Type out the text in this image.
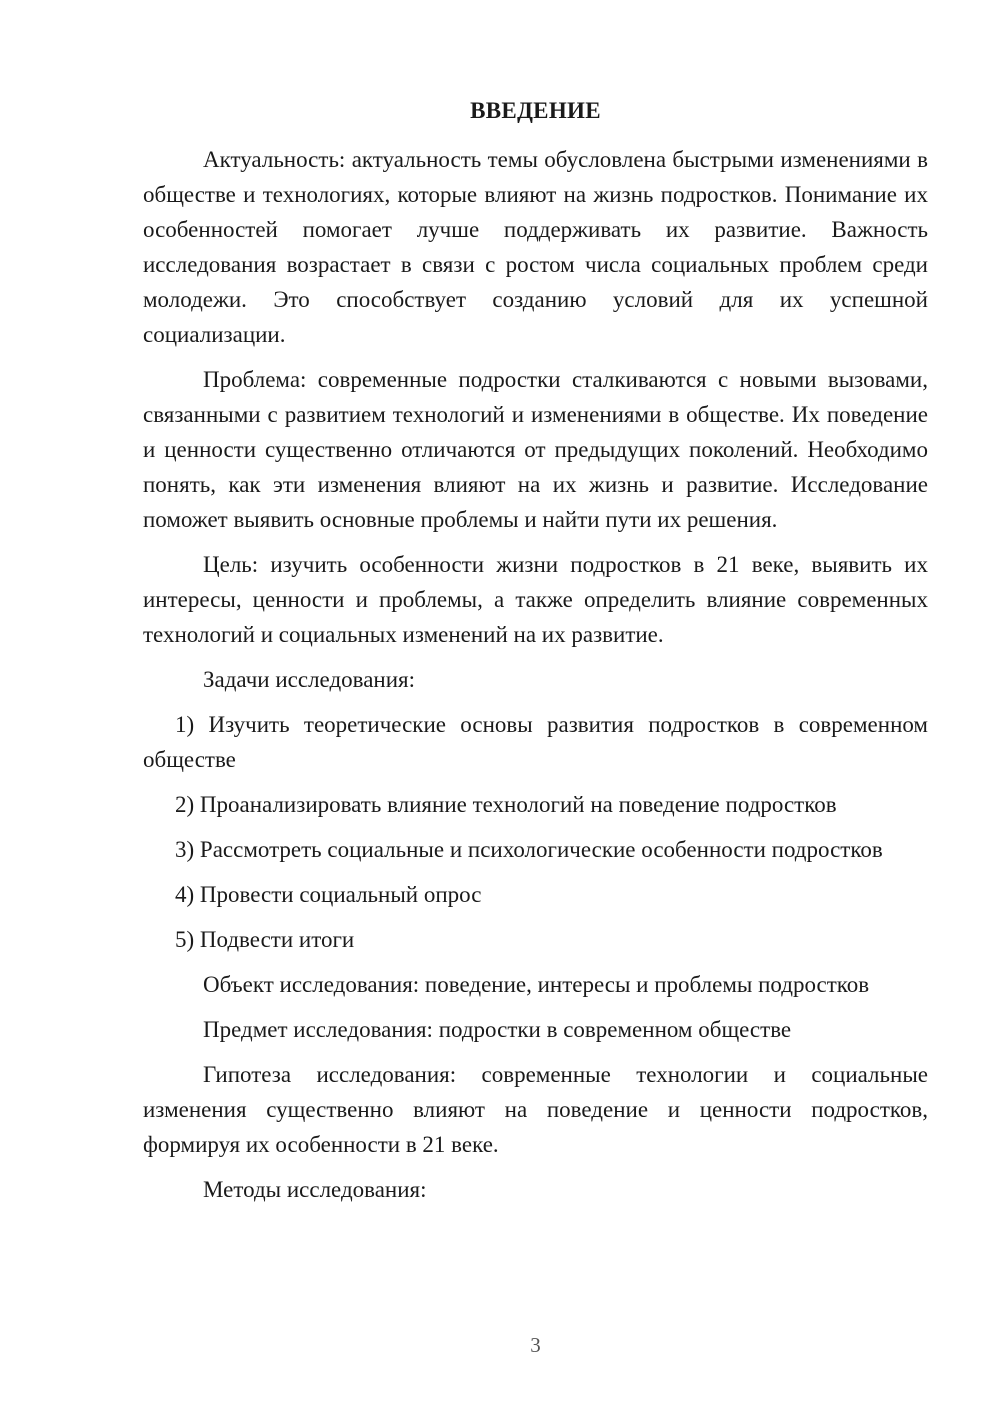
ВВЕДЕНИЕ

Актуальность: актуальность темы обусловлена быстрыми изменениями в обществе и технологиях, которые влияют на жизнь подростков. Понимание их особенностей помогает лучше поддерживать их развитие. Важность исследования возрастает в связи с ростом числа социальных проблем среди молодежи. Это способствует созданию условий для их успешной социализации.

Проблема: современные подростки сталкиваются с новыми вызовами, связанными с развитием технологий и изменениями в обществе. Их поведение и ценности существенно отличаются от предыдущих поколений. Необходимо понять, как эти изменения влияют на их жизнь и развитие. Исследование поможет выявить основные проблемы и найти пути их решения.

Цель: изучить особенности жизни подростков в 21 веке, выявить их интересы, ценности и проблемы, а также определить влияние современных технологий и социальных изменений на их развитие.

Задачи исследования:

1) Изучить теоретические основы развития подростков в современном обществе

2) Проанализировать влияние технологий на поведение подростков

3) Рассмотреть социальные и психологические особенности подростков

4) Провести социальный опрос

5) Подвести итоги

Объект исследования: поведение, интересы и проблемы подростков

Предмет исследования: подростки в современном обществе

Гипотеза исследования: современные технологии и социальные изменения существенно влияют на поведение и ценности подростков, формируя их особенности в 21 веке.

Методы исследования:

3
